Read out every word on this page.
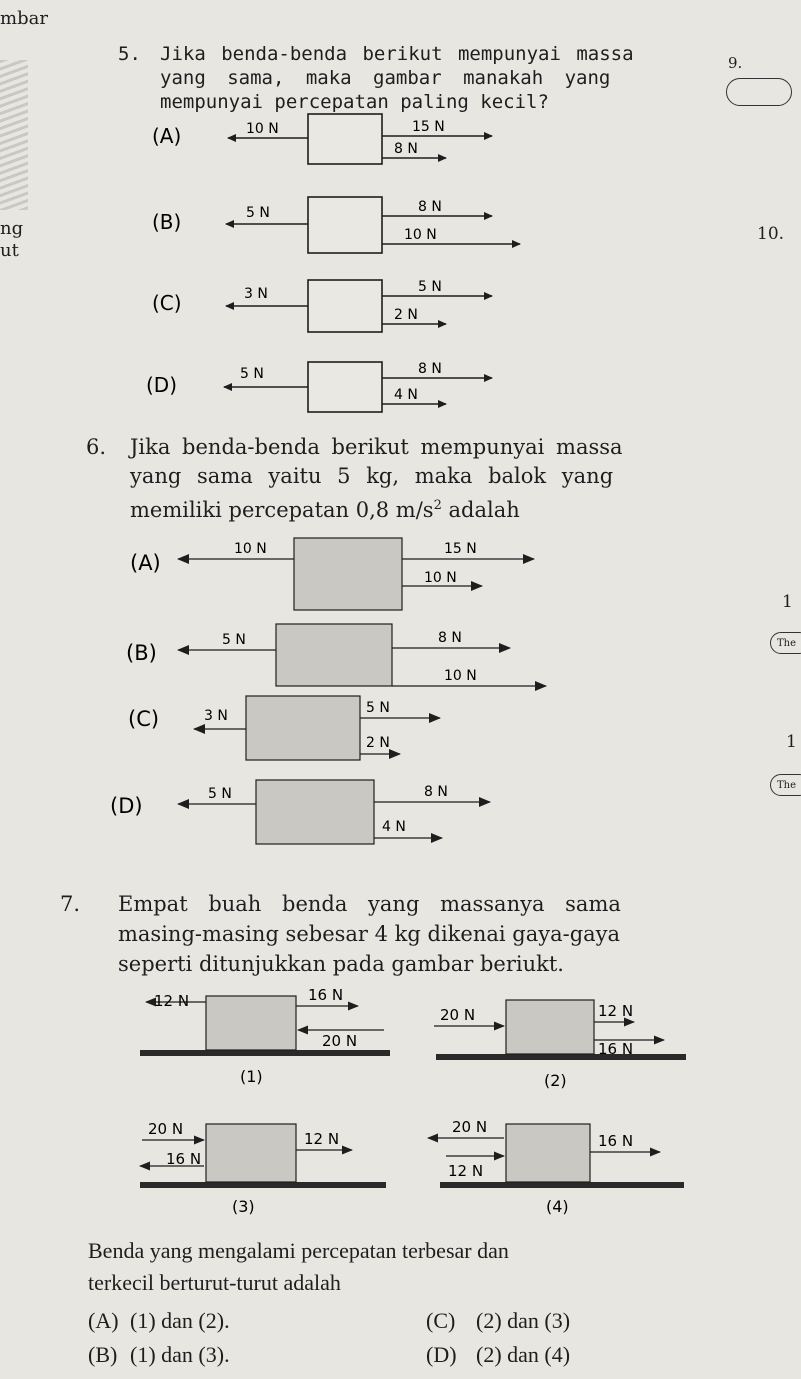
mbar
ng
ut
9.
10.
1
The
1
The
5. Jika benda-benda berikut mempunyai massa
yang sama, maka gambar manakah yang
mempunyai percepatan paling kecil?
(A)	10 N	15 N
8 N
(B)	5 N	8 N
10 N
(C)	3 N	5 N
2 N
(D)	5 N	8 N
4 N
6. Jika benda-benda berikut mempunyai massa
yang sama yaitu 5 kg, maka balok yang
memiliki percepatan 0,8 $m/s^2$ adalah
(A)
10 N	15 N
10 N
(B)
5 N	8 N
10 N
(C)	3 N	5 N
2 N
(D)	5 N	8 N
4 N
7. Empat buah benda yang massanya sama
masing-masing sebesar 4 kg dikenai gaya-gaya
seperti ditunjukkan pada gambar beriukt.
12 N	16 N
20 N
(1)
20 N	12 N
16 N
(2)
20 N
16 N
12 N
(3)
20 N
12 N
16 N
(4)
Benda yang mengalami percepatan terbesar dan
terkecil berturut-turut adalah
(A) (1) dan (2).	(C) (2) dan (3)
(B) (1) dan (3).	(D) (2) dan (4)
